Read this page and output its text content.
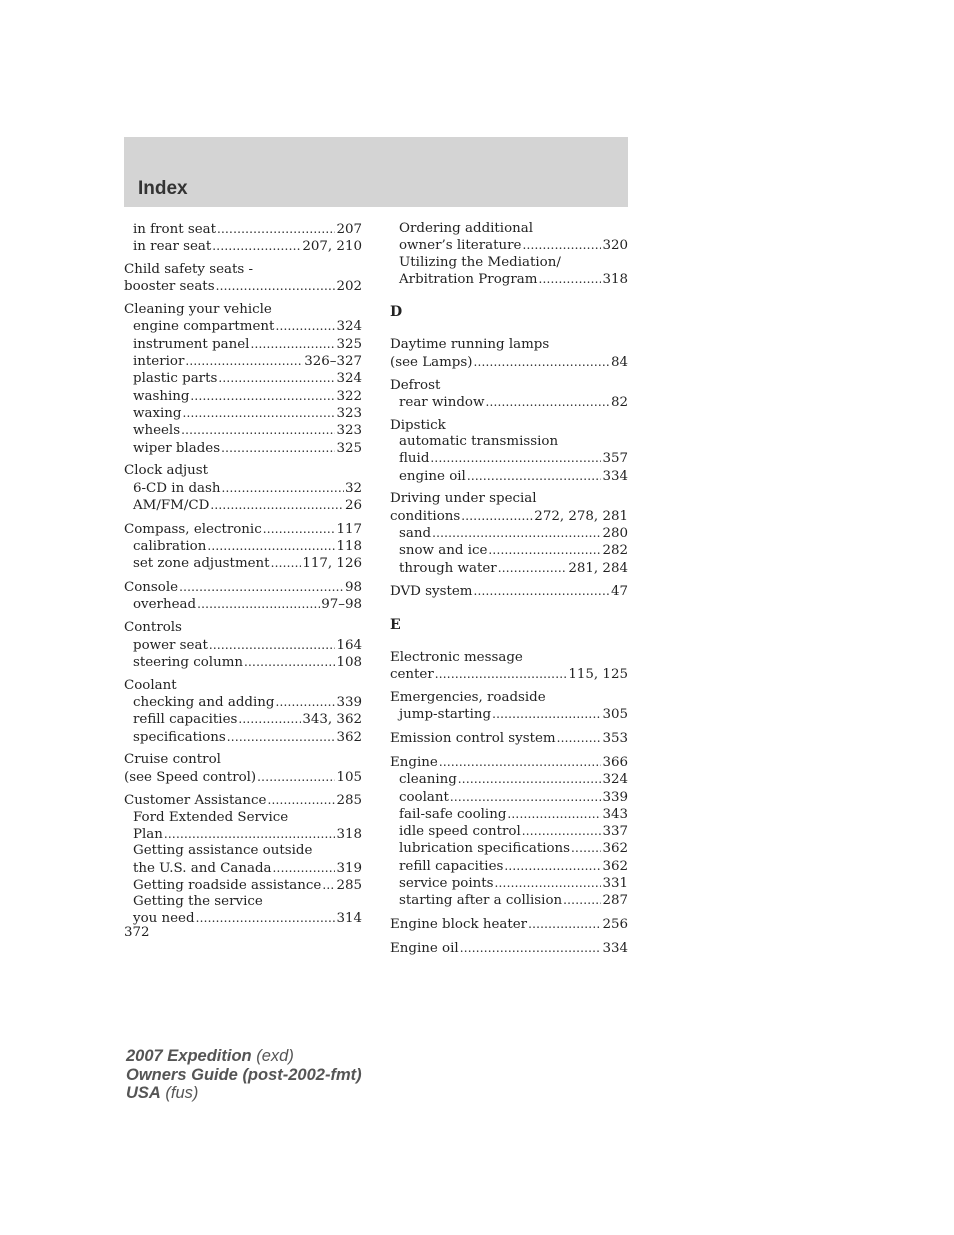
Index
in front seat .....	207
in rear seat .....	207, 210
Child safety seats -
booster seats .....	202
Cleaning your vehicle
engine compartment .....	324
instrument panel .....	325
interior .....	326–327
plastic parts .....	324
washing .....	322
waxing .....	323
wheels .....	323
wiper blades .....	325
Clock adjust
6-CD in dash .....	32
AM/FM/CD .....	26
Compass, electronic .....	117
calibration .....	118
set zone adjustment ..... 117, 126
Console .....	98
overhead .....	97–98
Controls
power seat .....	164
steering column .....	108
Coolant
checking and adding .....	339
refill capacities .....	343, 362
specifications .....	362
Cruise control
(see Speed control) .....	105
Customer Assistance .....	285
Ford Extended Service
Plan .....	318
Getting assistance outside
the U.S. and Canada .....	319
Getting roadside assistance ..... 285
Getting the service
you need .....	314
Ordering additional
owner’s literature .....	320
Utilizing the Mediation/
Arbitration Program .....	318
D
Daytime running lamps
(see Lamps) .....	84
Defrost
rear window .....	82
Dipstick
automatic transmission
fluid .....	357
engine oil .....	334
Driving under special
conditions .....	272, 278, 281
sand .....	280
snow and ice .....	282
through water .....	281, 284
DVD system .....	47
E
Electronic message
center .....	115, 125
Emergencies, roadside
jump-starting .....	305
Emission control system .....	353
Engine .....	366
cleaning .....	324
coolant .....	339
fail-safe cooling .....	343
idle speed control .....	337
lubrication specifications ..... 362
refill capacities .....	362
service points .....	331
starting after a collision .....	287
Engine block heater .....	256
Engine oil .....	334
372
2007 Expedition (exd)
Owners Guide (post-2002-fmt)
USA (fus)
